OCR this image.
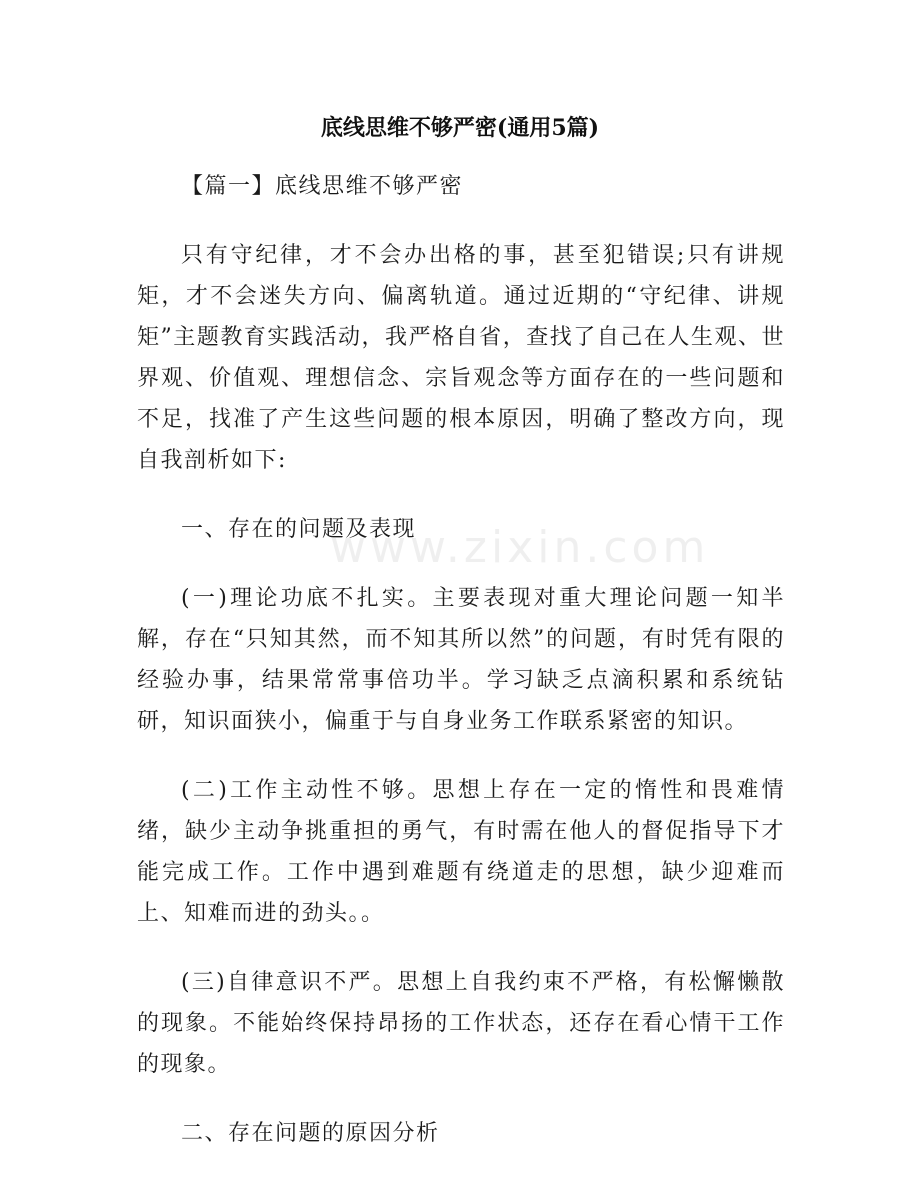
www.zixin.com
底线思维不够严密(通用5篇)

【篇一】底线思维不够严密

只有守纪律，才不会办出格的事，甚至犯错误;只有讲规矩，才不会迷失方向、偏离轨道。通过近期的“守纪律、讲规矩”主题教育实践活动，我严格自省，查找了自己在人生观、世界观、价值观、理想信念、宗旨观念等方面存在的一些问题和不足，找准了产生这些问题的根本原因，明确了整改方向，现自我剖析如下:

一、存在的问题及表现

(一)理论功底不扎实。主要表现对重大理论问题一知半解，存在“只知其然，而不知其所以然”的问题，有时凭有限的经验办事，结果常常事倍功半。学习缺乏点滴积累和系统钻研，知识面狭小，偏重于与自身业务工作联系紧密的知识。

(二)工作主动性不够。思想上存在一定的惰性和畏难情绪，缺少主动争挑重担的勇气，有时需在他人的督促指导下才能完成工作。工作中遇到难题有绕道走的思想，缺少迎难而上、知难而进的劲头。。

(三)自律意识不严。思想上自我约束不严格，有松懈懒散的现象。不能始终保持昂扬的工作状态，还存在看心情干工作的现象。

二、存在问题的原因分析
